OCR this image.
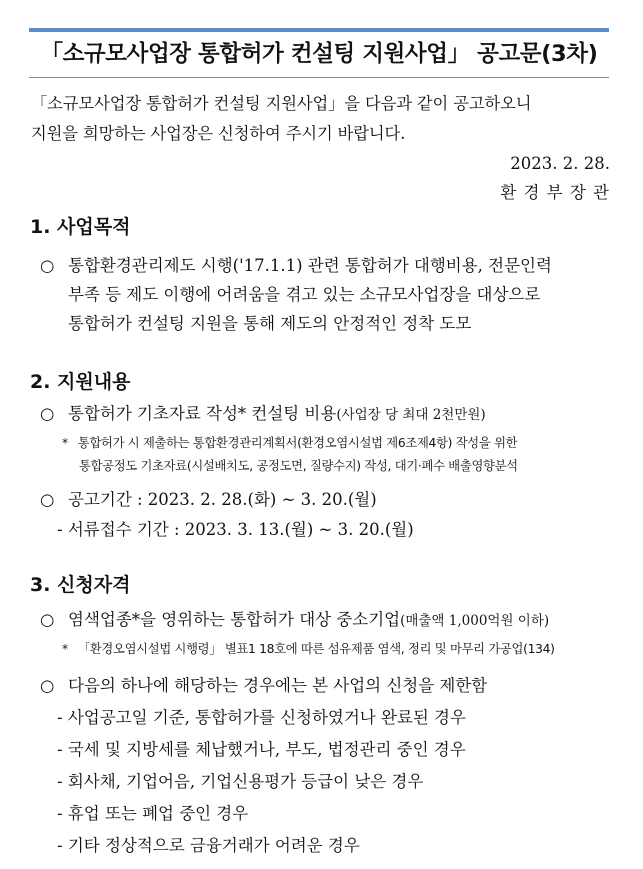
「소규모사업장 통합허가 컨설팅 지원사업」 공고문(3차)
「소규모사업장 통합허가 컨설팅 지원사업」을 다음과 같이 공고하오니
지원을 희망하는 사업장은 신청하여 주시기 바랍니다.
2023. 2. 28.
환 경 부 장 관
1. 사업목적
○ 통합환경관리제도 시행('17.1.1) 관련 통합허가 대행비용, 전문인력
부족 등 제도 이행에 어려움을 겪고 있는 소규모사업장을 대상으로
통합허가 컨설팅 지원을 통해 제도의 안정적인 정착 도모
2. 지원내용
○ 통합허가 기초자료 작성* 컨설팅 비용(사업장 당 최대 2천만원)
* 통합허가 시 제출하는 통합환경관리계획서(환경오염시설법 제6조제4항) 작성을 위한
통합공정도 기초자료(시설배치도, 공정도면, 질량수지) 작성, 대기·폐수 배출영향분석
○ 공고기간 : 2023. 2. 28.(화) ~ 3. 20.(월)
- 서류접수 기간 : 2023. 3. 13.(월) ~ 3. 20.(월)
3. 신청자격
○ 염색업종*을 영위하는 통합허가 대상 중소기업(매출액 1,000억원 이하)
* 「환경오염시설법 시행령」 별표1 18호에 따른 섬유제품 염색, 정리 및 마무리 가공업(134)
○ 다음의 하나에 해당하는 경우에는 본 사업의 신청을 제한함
- 사업공고일 기준, 통합허가를 신청하였거나 완료된 경우
- 국세 및 지방세를 체납했거나, 부도, 법정관리 중인 경우
- 회사채, 기업어음, 기업신용평가 등급이 낮은 경우
- 휴업 또는 폐업 중인 경우
- 기타 정상적으로 금융거래가 어려운 경우
